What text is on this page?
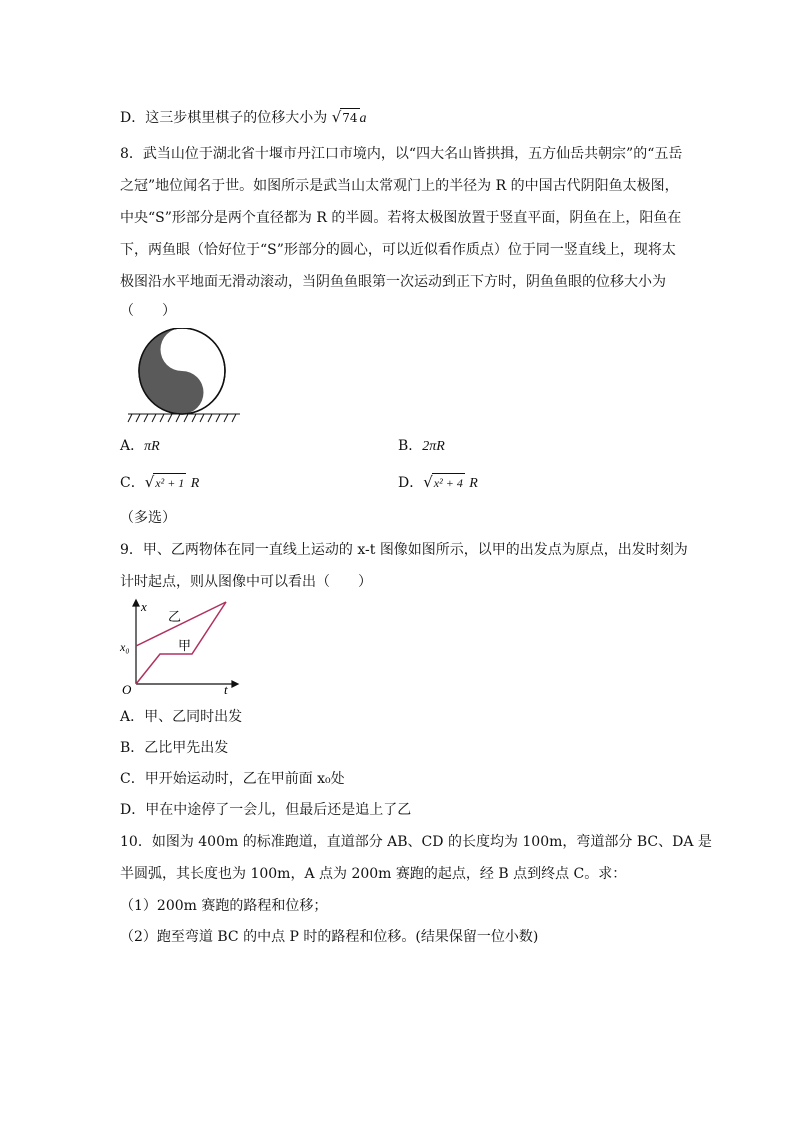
D．这三步棋里棋子的位移大小为 √74 a
8．武当山位于湖北省十堰市丹江口市境内，以“四大名山皆拱揖，五方仙岳共朝宗”的“五岳
之冠”地位闻名于世。如图所示是武当山太常观门上的半径为 R 的中国古代阴阳鱼太极图，
中央“S”形部分是两个直径都为 R 的半圆。若将太极图放置于竖直平面，阴鱼在上，阳鱼在
下，两鱼眼（恰好位于“S”形部分的圆心，可以近似看作质点）位于同一竖直线上，现将太
极图沿水平地面无滑动滚动，当阴鱼鱼眼第一次运动到正下方时，阴鱼鱼眼的位移大小为
（　　）
A．πR	B．2πR
C．√x² + 1 R	D．√x² + 4 R
（多选）
9．甲、乙两物体在同一直线上运动的 x-t 图像如图所示，以甲的出发点为原点，出发时刻为
计时起点，则从图像中可以看出（　　）
x
t
O
x₀
乙
甲
A．甲、乙同时出发
B．乙比甲先出发
C．甲开始运动时，乙在甲前面 x₀处
D．甲在中途停了一会儿，但最后还是追上了乙
10．如图为 400m 的标准跑道，直道部分 AB、CD 的长度均为 100m，弯道部分 BC、DA 是
半圆弧，其长度也为 100m，A 点为 200m 赛跑的起点，经 B 点到终点 C。求：
（1）200m 赛跑的路程和位移；
（2）跑至弯道 BC 的中点 P 时的路程和位移。(结果保留一位小数)
